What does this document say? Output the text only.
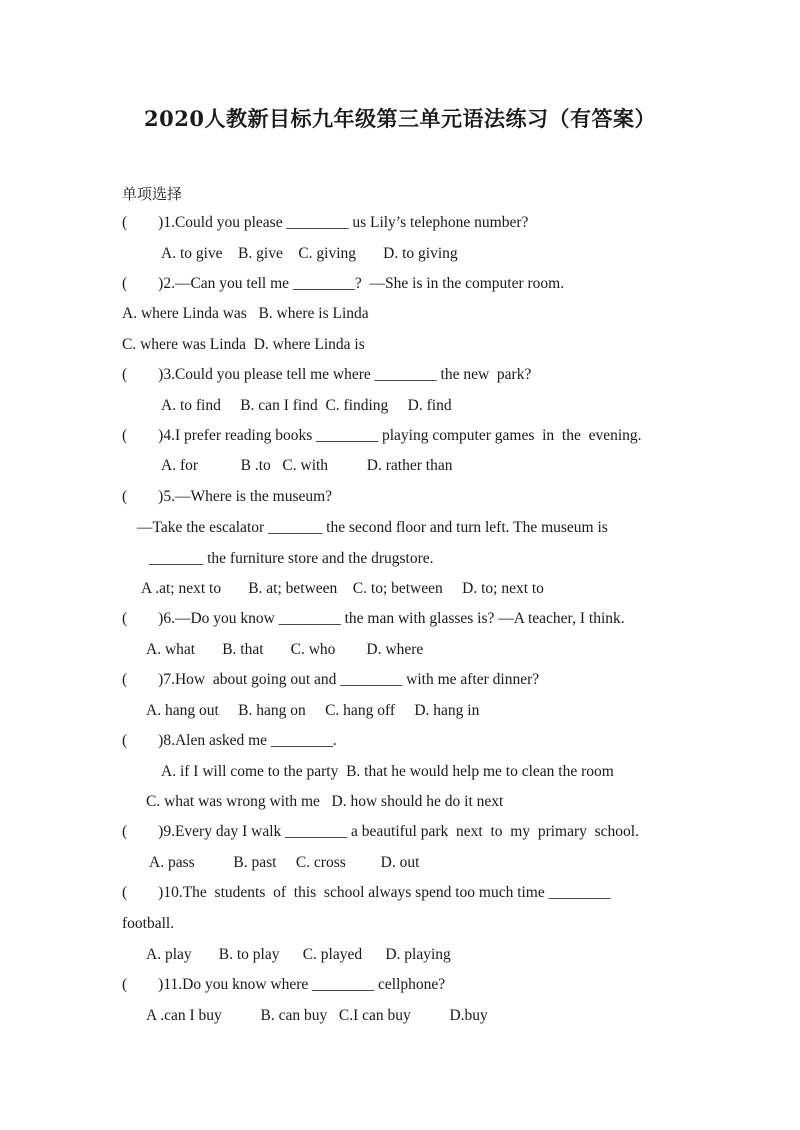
2020人教新目标九年级第三单元语法练习（有答案）
单项选择
(        )1.Could you please ________ us Lily’s telephone number?
A. to give    B. give    C. giving       D. to giving
(        )2.—Can you tell me ________?  —She is in the computer room.
A. where Linda was   B. where is Linda
C. where was Linda  D. where Linda is
(        )3.Could you please tell me where ________ the new  park?
A. to find     B. can I find  C. finding     D. find
(        )4.I prefer reading books ________ playing computer games  in  the  evening.
A. for           B .to   C. with          D. rather than
(        )5.—Where is the museum?
—Take the escalator _______ the second floor and turn left. The museum is
_______ the furniture store and the drugstore.
A .at; next to       B. at; between    C. to; between     D. to; next to
(        )6.—Do you know ________ the man with glasses is? —A teacher, I think.
A. what       B. that       C. who        D. where
(        )7.How  about going out and ________ with me after dinner?
A. hang out     B. hang on     C. hang off     D. hang in
(        )8.Alen asked me ________.
A. if I will come to the party  B. that he would help me to clean the room
C. what was wrong with me   D. how should he do it next
(        )9.Every day I walk ________ a beautiful park  next  to  my  primary  school.
A. pass          B. past     C. cross         D. out
(        )10.The  students  of  this  school always spend too much time ________
football.
A. play       B. to play      C. played      D. playing
(        )11.Do you know where ________ cellphone?
A .can I buy          B. can buy   C.I can buy          D.buy
